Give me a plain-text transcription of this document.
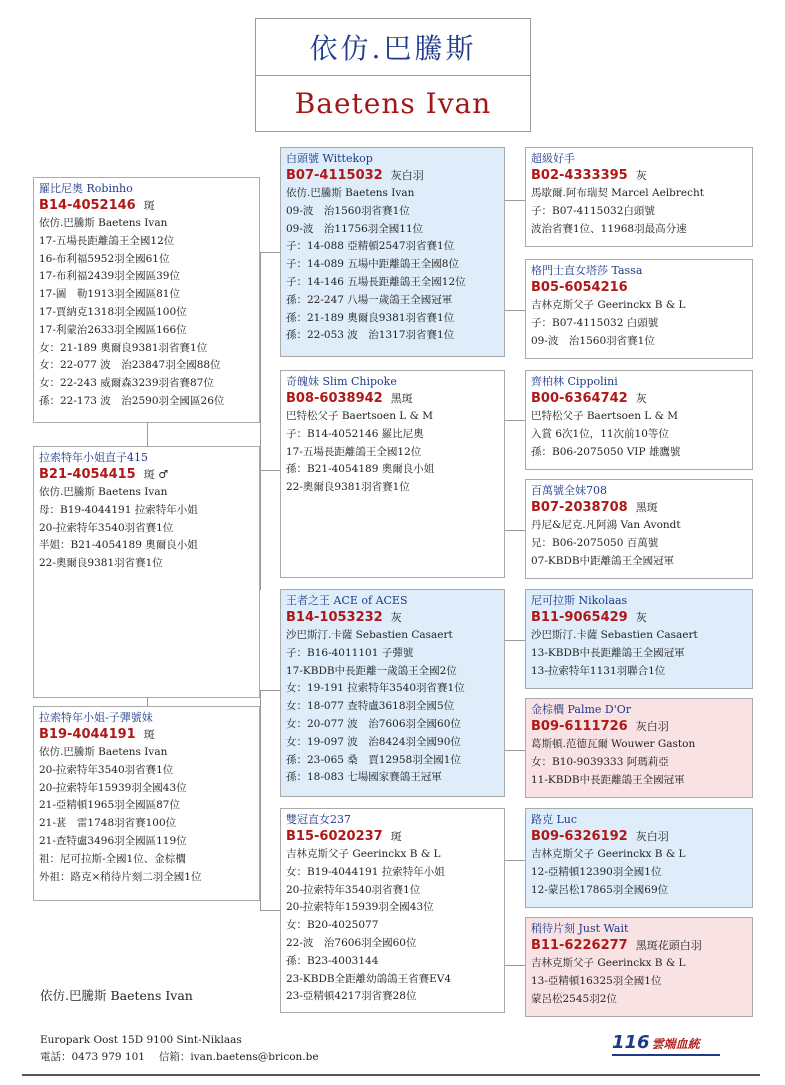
依仿.巴騰斯
Baetens Ivan
羅比尼奧 Robinho
B14-4052146 斑
依仿.巴騰斯 Baetens Ivan
17-五場長距離鴿王全國12位
16-布利福5952羽全國61位
17-布利福2439羽全國區39位
17-圖　勒1913羽全國區81位
17-賈納克1318羽全國區100位
17-利蒙治2633羽全國區166位
女：21-189 奧爾良9381羽省賽1位
女：22-077 波　治23847羽全國88位
女：22-243 威爾森3239羽省賽87位
孫：22-173 波　治2590羽全國區26位
拉索特年小姐直子415
B21-4054415 斑 ♂
依仿.巴騰斯 Baetens Ivan
母：B19-4044191 拉索特年小姐
20-拉索特年3540羽省賽1位
半姐：B21-4054189 奧爾良小姐
22-奧爾良9381羽省賽1位
拉索特年小姐-子彈號妹
B19-4044191 斑
依仿.巴騰斯 Baetens Ivan
20-拉索特年3540羽省賽1位
20-拉索特年15939羽全國43位
21-亞精頓1965羽全國區87位
21-葚　雷1748羽省賽100位
21-查特盧3496羽全國區119位
祖：尼可拉斯-全國1位、金棕櫚
外祖：路克×稍待片刻二羽全國1位
白頭號 Wittekop
B07-4115032 灰白羽
依仿.巴騰斯 Baetens Ivan
09-波　治1560羽省賽1位
09-波　治11756羽全國11位
子：14-088 亞精頓2547羽省賽1位
子：14-089 五場中距離鴿王全國8位
子：14-146 五場長距離鴿王全國12位
孫：22-247 八場一歲鴿王全國冠軍
孫：21-189 奧爾良9381羽省賽1位
孫：22-053 波　治1317羽省賽1位
奇魄妹 Slim Chipoke
B08-6038942 黑斑
巴特松父子 Baertsoen L & M
子：B14-4052146 羅比尼奧
17-五場長距離鴿王全國12位
孫：B21-4054189 奧爾良小姐
22-奧爾良9381羽省賽1位
王者之王 ACE of ACES
B14-1053232 灰
沙巴斯汀.卡薩 Sebastien Casaert
子：B16-4011101 子彈號
17-KBDB中長距離一歲鴿王全國2位
女：19-191 拉索特年3540羽省賽1位
女：18-077 查特盧3618羽全國5位
女：20-077 波　治7606羽全國60位
女：19-097 波　治8424羽全國90位
孫：23-065 桑　賈12958羽全國1位
孫：18-083 七場國家賽鴿王冠軍
雙冠直女237
B15-6020237 斑
吉林克斯父子 Geerinckx B & L
女：B19-4044191 拉索特年小姐
20-拉索特年3540羽省賽1位
20-拉索特年15939羽全國43位
女：B20-4025077
22-波　治7606羽全國60位
孫：B23-4003144
23-KBDB全距離幼鴿鴿王省賽EV4
23-亞精頓4217羽省賽28位
超級好手
B02-4333395 灰
馬歇爾.阿布瑞契 Marcel Aelbrecht
子：B07-4115032白頭號
波治省賽1位、11968羽最高分速
格門士直女塔莎 Tassa
B05-6054216
吉林克斯父子 Geerinckx B & L
子：B07-4115032 白頭號
09-波　治1560羽省賽1位
齊柏林 Cippolini
B00-6364742 灰
巴特松父子 Baertsoen L & M
入賞 6次1位，11次前10等位
孫：B06-2075050 VIP 雄鷹號
百萬號全妹708
B07-2038708 黑斑
丹尼&尼克.凡阿鴻 Van Avondt
兄：B06-2075050 百萬號
07-KBDB中距離鴿王全國冠軍
尼可拉斯 Nikolaas
B11-9065429 灰
沙巴斯汀.卡薩 Sebastien Casaert
13-KBDB中長距離鴿王全國冠軍
13-拉索特年1131羽聯合1位
金棕櫚 Palme D'Or
B09-6111726 灰白羽
葛斯頓.范德瓦爾 Wouwer Gaston
女：B10-9039333 阿瑪莉亞
11-KBDB中長距離鴿王全國冠軍
路克 Luc
B09-6326192 灰白羽
吉林克斯父子 Geerinckx B & L
12-亞精頓12390羽全國1位
12-蒙呂松17865羽全國69位
稍待片刻 Just Wait
B11-6226277 黑斑花頭白羽
吉林克斯父子 Geerinckx B & L
13-亞精頓16325羽全國1位
蒙呂松2545羽2位
依仿.巴騰斯 Baetens Ivan
Europark Oost 15D 9100 Sint-Niklaas
電話：0473 979 101　 信箱：ivan.baetens@bricon.be
116 雲端血統
